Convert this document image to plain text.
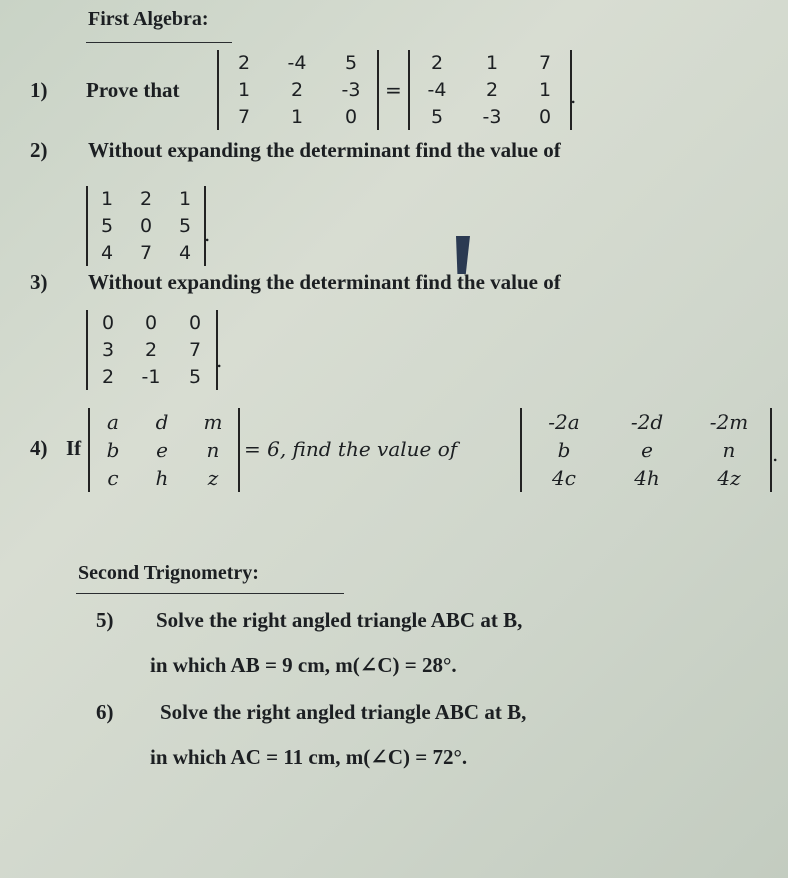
First Algebra:
1) Prove that
2 -4 5
1 2 -3
7 1 0
=
2 1 7
-4 2 1
5 -3 0
.
2) Without expanding the determinant find the value of
1 2 1
5 0 5
4 7 4
.
3) Without expanding the determinant find the value of
0 0 0
3 2 7
2 -1 5
.
4) If
a d m
b e n
c h z
= 6, find the value of
-2a	-2d -2m
b	e	n
4c	4h	4z
.
Second Trignometry:
5) Solve the right angled triangle ABC at B,
in which AB = 9 cm, m(∠C) = 28°.
6) Solve the right angled triangle ABC at B,
in which AC = 11 cm, m(∠C) = 72°.
